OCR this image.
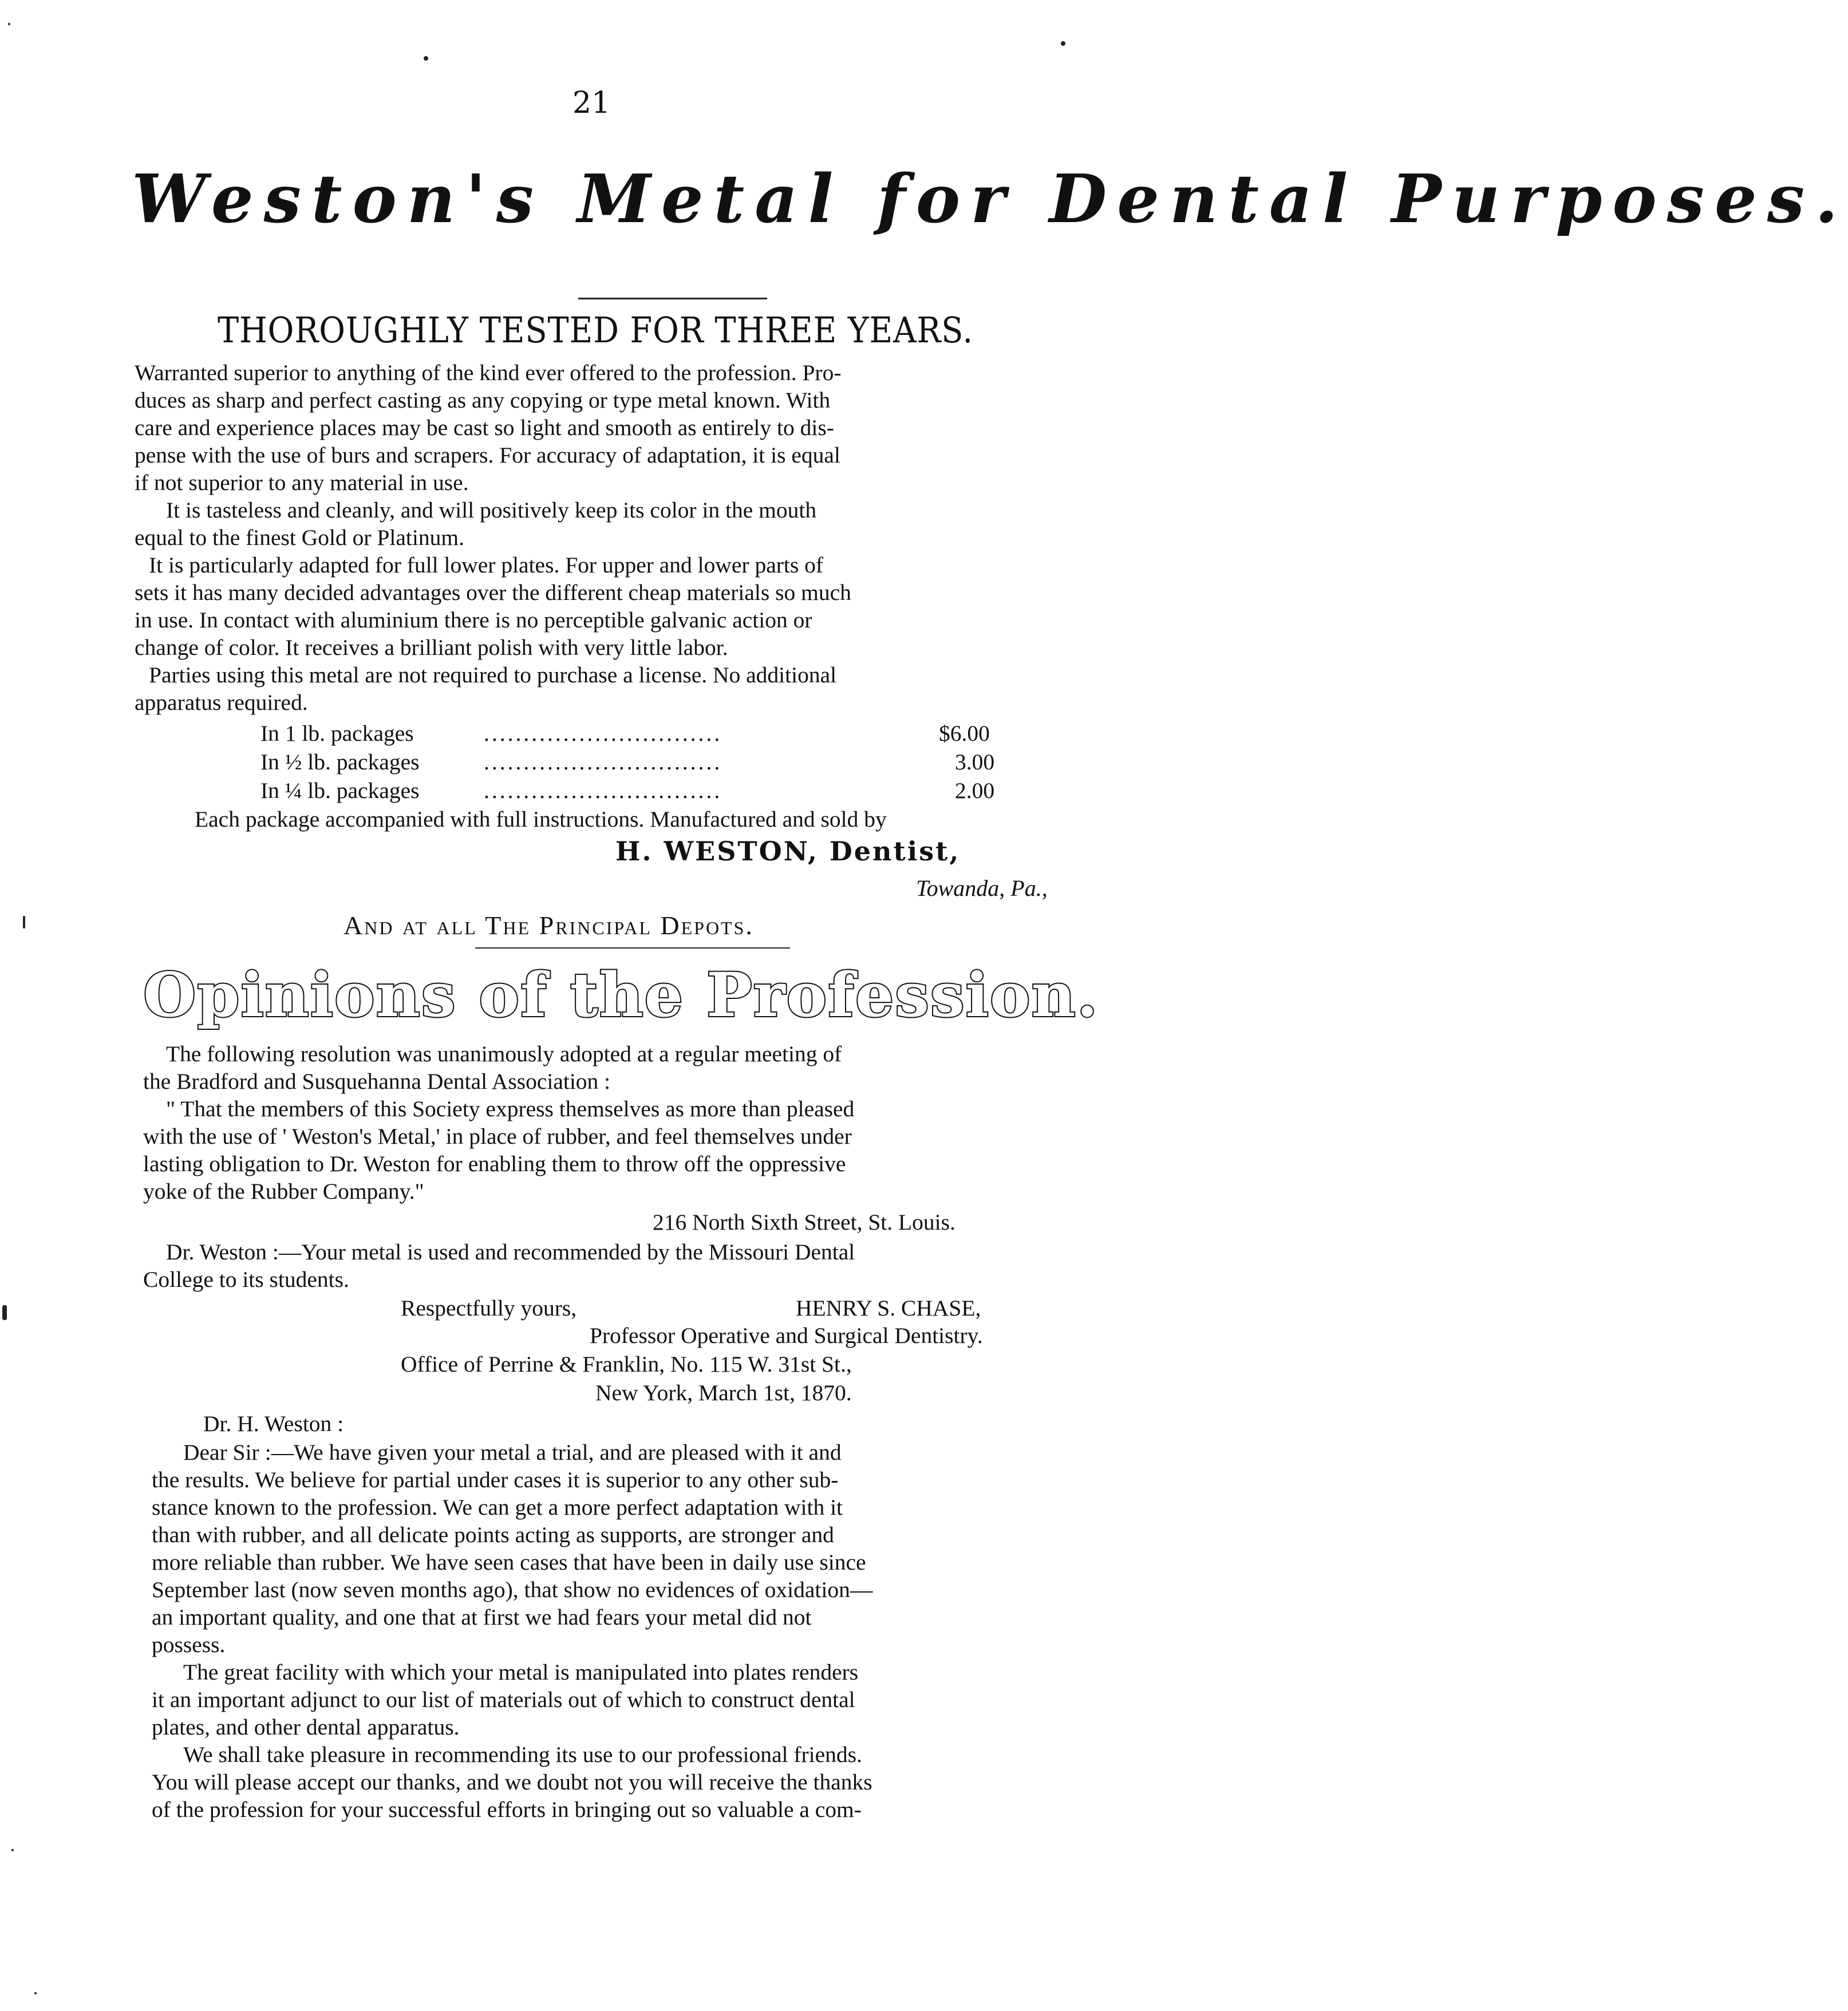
21
Weston's Metal for Dental Purposes.
THOROUGHLY TESTED FOR THREE YEARS.
Warranted superior to anything of the kind ever offered to the profession. Pro-
duces as sharp and perfect casting as any copying or type metal known. With
care and experience places may be cast so light and smooth as entirely to dis-
pense with the use of burs and scrapers. For accuracy of adaptation, it is equal
if not superior to any material in use.
It is tasteless and cleanly, and will positively keep its color in the mouth
equal to the finest Gold or Platinum.
It is particularly adapted for full lower plates. For upper and lower parts of
sets it has many decided advantages over the different cheap materials so much
in use. In contact with aluminium there is no perceptible galvanic action or
change of color. It receives a brilliant polish with very little labor.
Parties using this metal are not required to purchase a license. No additional
apparatus required.
In 1 lb. packages	..............................	$6.00
In ½ lb. packages	..............................	3.00
In ¼ lb. packages	..............................	2.00
Each package accompanied with full instructions. Manufactured and sold by
H. WESTON, Dentist,
Towanda, Pa.,
And at all The Principal Depots.
Opinions of the Profession.
The following resolution was unanimously adopted at a regular meeting of
the Bradford and Susquehanna Dental Association :
" That the members of this Society express themselves as more than pleased
with the use of ' Weston's Metal,' in place of rubber, and feel themselves under
lasting obligation to Dr. Weston for enabling them to throw off the oppressive
yoke of the Rubber Company."
216 North Sixth Street, St. Louis.
Dr. Weston :—Your metal is used and recommended by the Missouri Dental
College to its students.
Respectfully yours,	HENRY S. CHASE,
Professor Operative and Surgical Dentistry.
Office of Perrine & Franklin, No. 115 W. 31st St.,
New York, March 1st, 1870.
Dr. H. Weston :
Dear Sir :—We have given your metal a trial, and are pleased with it and
the results. We believe for partial under cases it is superior to any other sub-
stance known to the profession. We can get a more perfect adaptation with it
than with rubber, and all delicate points acting as supports, are stronger and
more reliable than rubber. We have seen cases that have been in daily use since
September last (now seven months ago), that show no evidences of oxidation—
an important quality, and one that at first we had fears your metal did not
possess.
The great facility with which your metal is manipulated into plates renders
it an important adjunct to our list of materials out of which to construct dental
plates, and other dental apparatus.
We shall take pleasure in recommending its use to our professional friends.
You will please accept our thanks, and we doubt not you will receive the thanks
of the profession for your successful efforts in bringing out so valuable a com-
